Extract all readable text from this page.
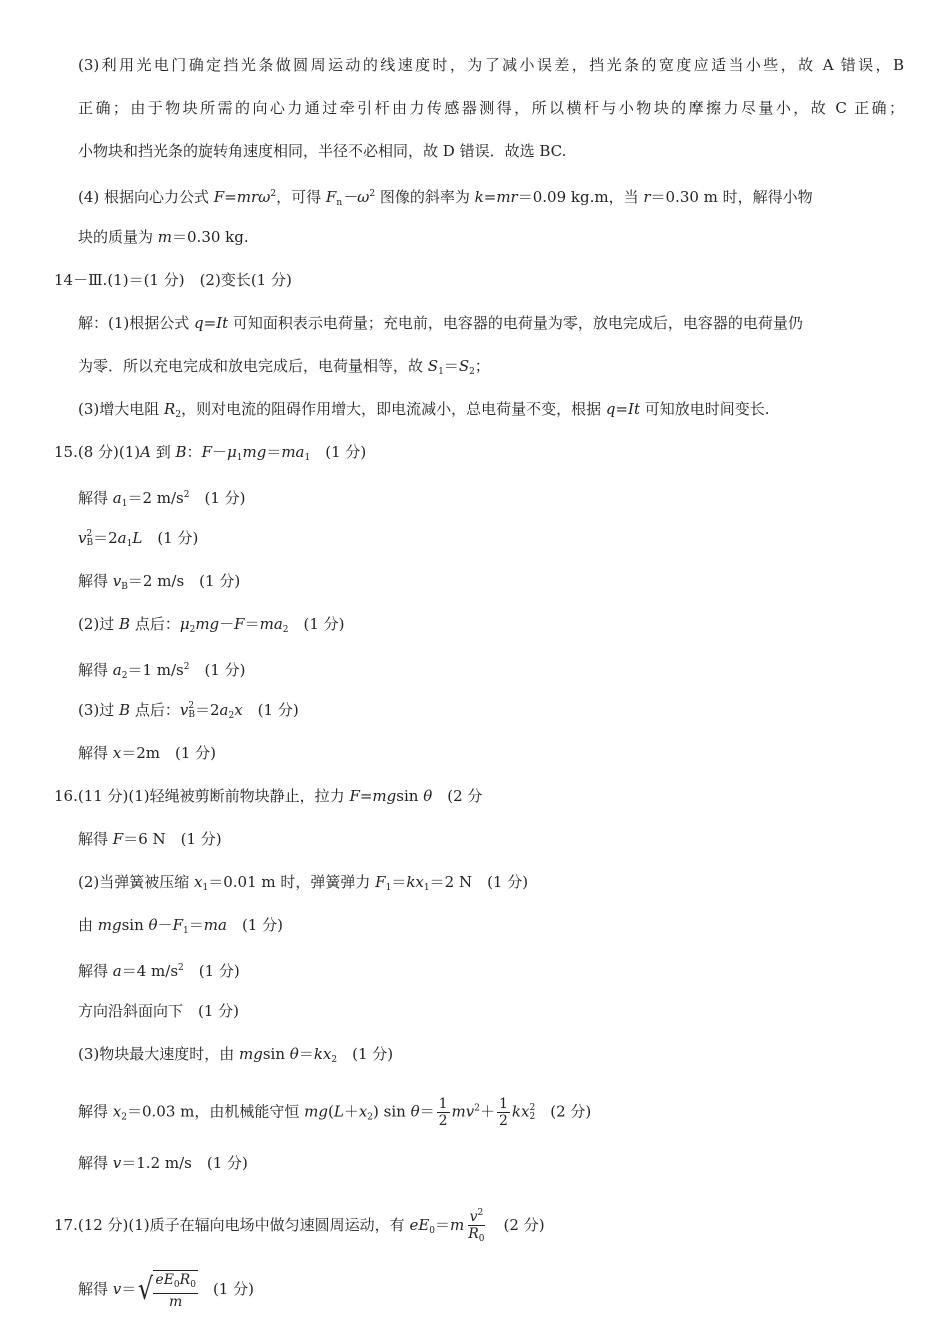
(3)利用光电门确定挡光条做圆周运动的线速度时，为了减小误差，挡光条的宽度应适当小些，故 A 错误，B
正确；由于物块所需的向心力通过牵引杆由力传感器测得，所以横杆与小物块的摩擦力尽量小，故 C 正确；
小物块和挡光条的旋转角速度相同，半径不必相同，故 D 错误．故选 BC.
(4) 根据向心力公式 F=mrω$^2$，可得 $F_n-\omega^2$ 图像的斜率为 k=mr＝0.09 kg.m，当 r＝0.30 m 时，解得小物
块的质量为 m＝0.30 kg.
14－Ⅲ.(1)＝(1 分)　(2)变长(1 分)
解：(1)根据公式 q=It 可知面积表示电荷量；充电前，电容器的电荷量为零，放电完成后，电容器的电荷量仍
为零．所以充电完成和放电完成后，电荷量相等，故 $S_1=S_2$；
(3)增大电阻 $R_2$，则对电流的阻碍作用增大，即电流减小，总电荷量不变，根据 q=It 可知放电时间变长.
15.(8 分)(1)A 到 B：$F-\mu_1mg=ma_1$　(1 分)
解得 $a_1=2$ $m/s^2$　(1 分)
v 2
$B =2a_1L$　(1 分)
解得 $v_B=2$ m/s　(1 分)
(2)过 B 点后：$\mu_2mg-F=ma_2$　(1 分)
解得 $a_2=1$ $m/s^2$　(1 分)
(3)过 B 点后：v 2
$B =2a_2x$　(1 分)
解得 x＝2m　(1 分)
16.(11 分)(1)轻绳被剪断前物块静止，拉力 F=mgsin θ　(2 分
解得 F＝6 N　(1 分)
(2)当弹簧被压缩 $x_1=0.01$ m 时，弹簧弹力 $F_1=kx_1=2$ N　(1 分)
由 mgsin $\theta-F_1=ma$　(1 分)
解得 a＝4 $m/s^2$　(1 分)
方向沿斜面向下　(1 分)
(3)物块最大速度时，由 mgsin $\theta=kx_2$　(1 分)
解得 $x_2=0.03$ m，由机械能守恒 $mg(L+x_2)$ $\sin \theta= \frac{1}{2} mv^2+ \frac{1}{2}$ kx 2
2 　(2 分)
解得 v＝1.2 m/s　(1 分)
17.(12 分)(1)质子在辐向电场中做匀速圆周运动，有 $eE_0=m \frac{v^2}{R_0}$ 　(2 分)
解得 v＝ √ $\frac{eE_0R_0}{m}$ 　(1 分)
